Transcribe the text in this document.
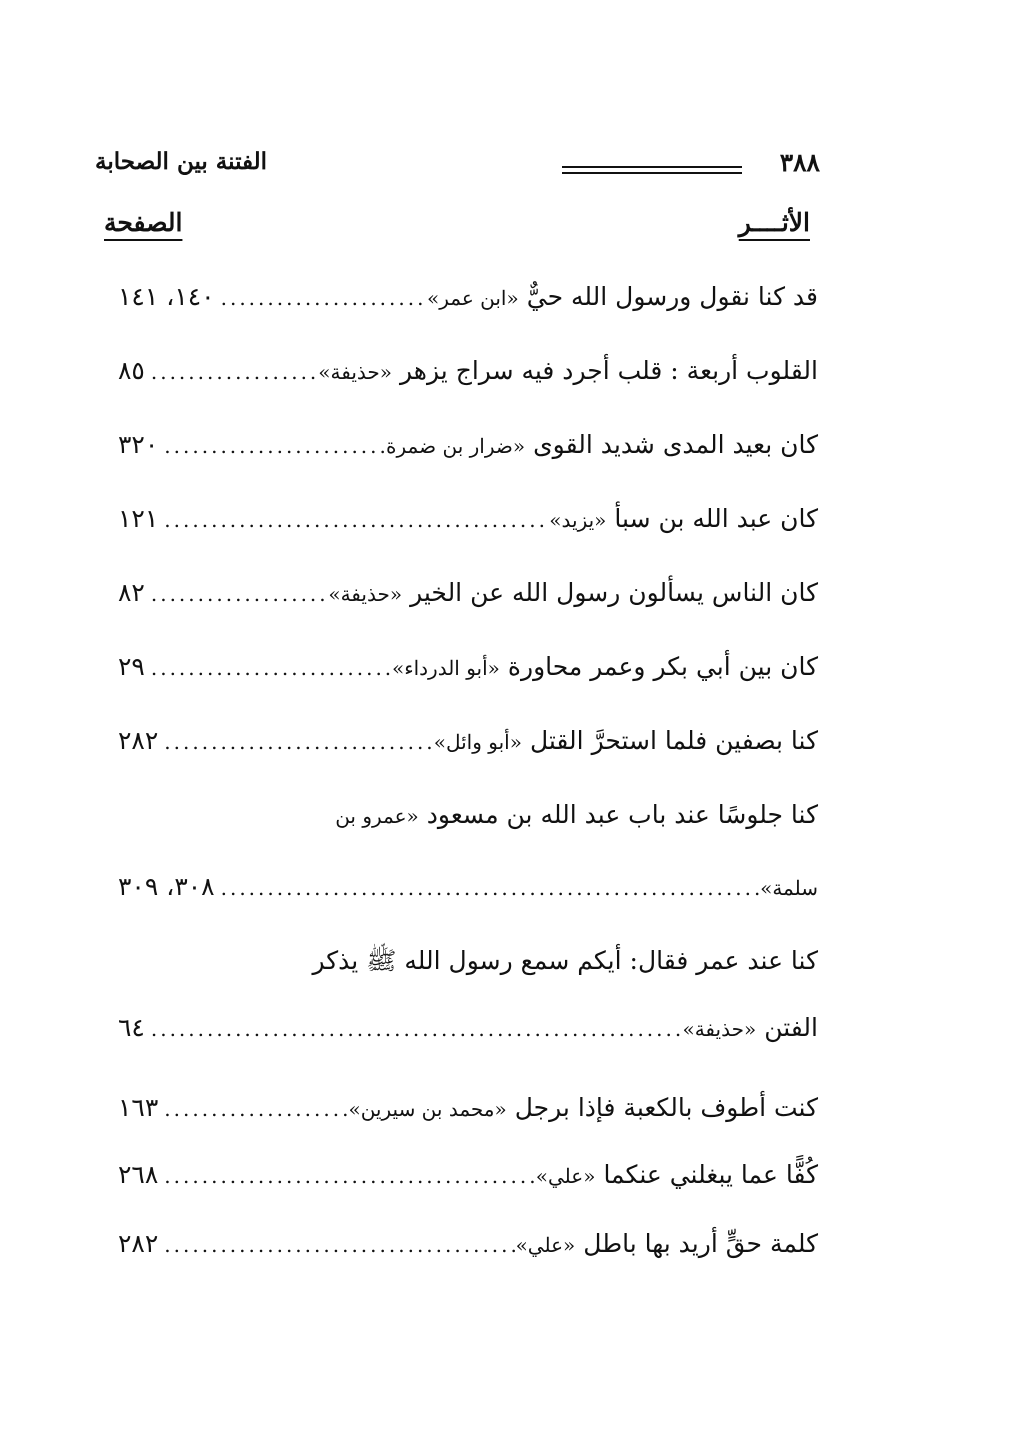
٣٨٨
الفتنة بين الصحابة
الأثــــر
الصفحة
قد كنا نقول ورسول الله حيٌّ
«ابن عمر»
.....
١٤٠، ١٤١
القلوب أربعة : قلب أجرد فيه سراج يزهر
«حذيفة»
.....
٨٥
كان بعيد المدى شديد القوى
«ضرار بن ضمرة
.....
٣٢٠
كان عبد الله بن سبأ
«يزيد»
.....
١٢١
كان الناس يسألون رسول الله عن الخير
«حذيفة»
.....
٨٢
كان بين أبي بكر وعمر محاورة
«أبو الدرداء»
.....
٢٩
كنا بصفين فلما استحرَّ القتل
«أبو وائل»
.....
٢٨٢
كنا جلوسًا عند باب عبد الله بن مسعود
«عمرو بن
سلمة»
.....
٣٠٨، ٣٠٩
كنا عند عمر فقال: أيكم سمع رسول الله ﷺ يذكر
الفتن
«حذيفة»
.....
٦٤
كنت أطوف بالكعبة فإذا برجل
«محمد بن سيرين»
.....
١٦٣
كُفًّا عما يبغلني عنكما
«علي»
.....
٢٦٨
كلمة حقٍّ أريد بها باطل
«علي»
.....
٢٨٢
